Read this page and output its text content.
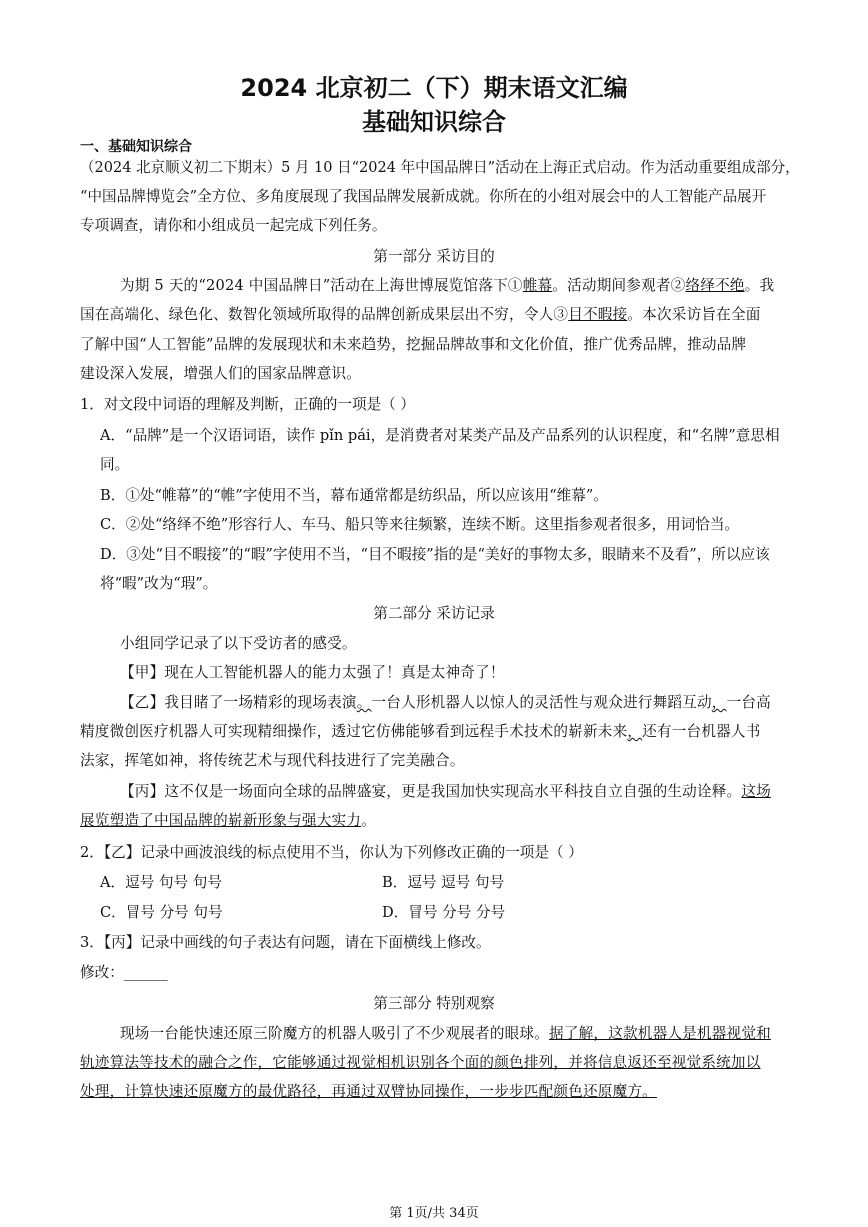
2024 北京初二（下）期末语文汇编
基础知识综合
一、基础知识综合
（2024 北京顺义初二下期末）5 月 10 日“2024 年中国品牌日”活动在上海正式启动。作为活动重要组成部分，
“中国品牌博览会”全方位、多角度展现了我国品牌发展新成就。你所在的小组对展会中的人工智能产品展开
专项调查，请你和小组成员一起完成下列任务。
第一部分 采访目的
为期 5 天的“2024 中国品牌日”活动在上海世博展览馆落下①帷幕。活动期间参观者②络绎不绝。我
国在高端化、绿色化、数智化领域所取得的品牌创新成果层出不穷，令人③目不暇接。本次采访旨在全面
了解中国“人工智能”品牌的发展现状和未来趋势，挖掘品牌故事和文化价值，推广优秀品牌，推动品牌
建设深入发展，增强人们的国家品牌意识。
1．对文段中词语的理解及判断，正确的一项是（ ）
A．“品牌”是一个汉语词语，读作 pǐn pái，是消费者对某类产品及产品系列的认识程度，和“名牌”意思相
同。
B．①处“帷幕”的“帷”字使用不当，幕布通常都是纺织品，所以应该用“维幕”。
C．②处“络绎不绝”形容行人、车马、船只等来往频繁，连续不断。这里指参观者很多，用词恰当。
D．③处“目不暇接”的“暇”字使用不当，“目不暇接”指的是“美好的事物太多，眼睛来不及看”，所以应该
将“暇”改为“瑕”。
第二部分 采访记录
小组同学记录了以下受访者的感受。
【甲】现在人工智能机器人的能力太强了！真是太神奇了！
【乙】我目睹了一场精彩的现场表演。一台人形机器人以惊人的灵活性与观众进行舞蹈互动，一台高
精度微创医疗机器人可实现精细操作，透过它仿佛能够看到远程手术技术的崭新未来，还有一台机器人书
法家，挥笔如神，将传统艺术与现代科技进行了完美融合。
【丙】这不仅是一场面向全球的品牌盛宴，更是我国加快实现高水平科技自立自强的生动诠释。这场
展览塑造了中国品牌的崭新形象与强大实力。
2．【乙】记录中画波浪线的标点使用不当，你认为下列修改正确的一项是（ ）
A．逗号 句号 句号	B．逗号 逗号 句号
C．冒号 分号 句号	D．冒号 分号 分号
3．【丙】记录中画线的句子表达有问题，请在下面横线上修改。
修改：______
第三部分 特别观察
现场一台能快速还原三阶魔方的机器人吸引了不少观展者的眼球。据了解，这款机器人是机器视觉和
轨迹算法等技术的融合之作，它能够通过视觉相机识别各个面的颜色排列，并将信息返还至视觉系统加以
处理，计算快速还原魔方的最优路径，再通过双臂协同操作，一步步匹配颜色还原魔方。
第 1页/共 34页
